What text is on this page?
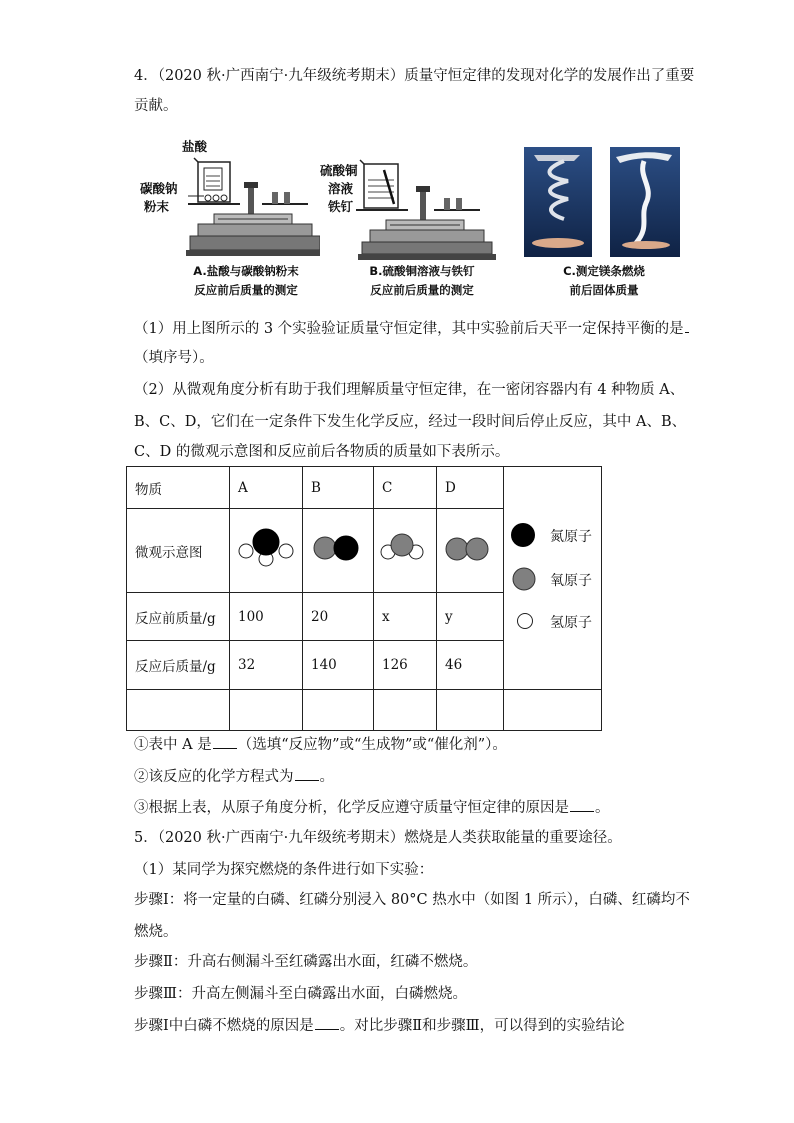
4．（2020 秋·广西南宁·九年级统考期末）质量守恒定律的发现对化学的发展作出了重要
贡献。
盐酸
碳酸钠
粉末
A.盐酸与碳酸钠粉末
反应前后质量的测定
硫酸铜
溶液
铁钉
B.硫酸铜溶液与铁钉
反应前后质量的测定
C.测定镁条燃烧
前后固体质量
（1）用上图所示的 3 个实验验证质量守恒定律，其中实验前后天平一定保持平衡的是
（填序号）。
（2）从微观角度分析有助于我们理解质量守恒定律，在一密闭容器内有 4 种物质 A、
B、C、D，它们在一定条件下发生化学反应，经过一段时间后停止反应，其中 A、B、
C、D 的微观示意图和反应前后各物质的质量如下表所示。
物质	A	B	C	D	
微观示意图				
反应前质量/g	100	20	x	y	
反应后质量/g	32	140	126	46	

氮原子
氧原子
氢原子
①表中 A 是 （选填“反应物”或“生成物”或“催化剂”）。
②该反应的化学方程式为 。
③根据上表，从原子角度分析，化学反应遵守质量守恒定律的原因是 。
5．（2020 秋·广西南宁·九年级统考期末）燃烧是人类获取能量的重要途径。
（1）某同学为探究燃烧的条件进行如下实验：
步骤Ⅰ：将一定量的白磷、红磷分别浸入 80°C 热水中（如图 1 所示），白磷、红磷均不
燃烧。
步骤Ⅱ：升高右侧漏斗至红磷露出水面，红磷不燃烧。
步骤Ⅲ：升高左侧漏斗至白磷露出水面，白磷燃烧。
步骤Ⅰ中白磷不燃烧的原因是 。对比步骤Ⅱ和步骤Ⅲ，可以得到的实验结论
